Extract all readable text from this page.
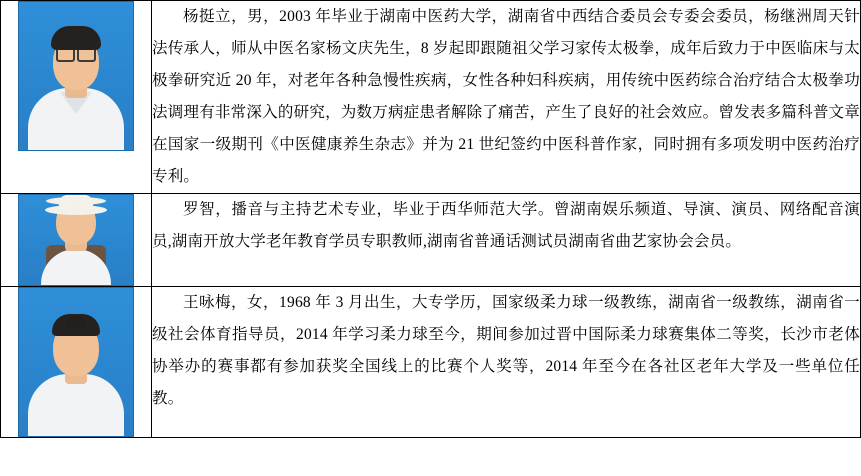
	杨挺立，男，2003 年毕业于湖南中医药大学，湖南省中西结合委员会专委会委员，杨继洲周天针法传承人，师从中医名家杨文庆先生，8 岁起即跟随祖父学习家传太极拳，成年后致力于中医临床与太极拳研究近 20 年，对老年各种急慢性疾病，女性各种妇科疾病，用传统中医药综合治疗结合太极拳功法调理有非常深入的研究，为数万病症患者解除了痛苦，产生了良好的社会效应。曾发表多篇科普文章在国家一级期刊《中医健康养生杂志》并为 21 世纪签约中医科普作家，同时拥有多项发明中医药治疗专利。

	罗智，播音与主持艺术专业，毕业于西华师范大学。曾湖南娱乐频道、导演、演员、网络配音演员,湖南开放大学老年教育学员专职教师,湖南省普通话测试员湖南省曲艺家协会会员。

	王咏梅，女，1968 年 3 月出生，大专学历，国家级柔力球一级教练，湖南省一级教练，湖南省一级社会体育指导员，2014 年学习柔力球至今，期间参加过晋中国际柔力球赛集体二等奖，长沙市老体协举办的赛事都有参加获奖全国线上的比赛个人奖等，2014 年至今在各社区老年大学及一些单位任教。
